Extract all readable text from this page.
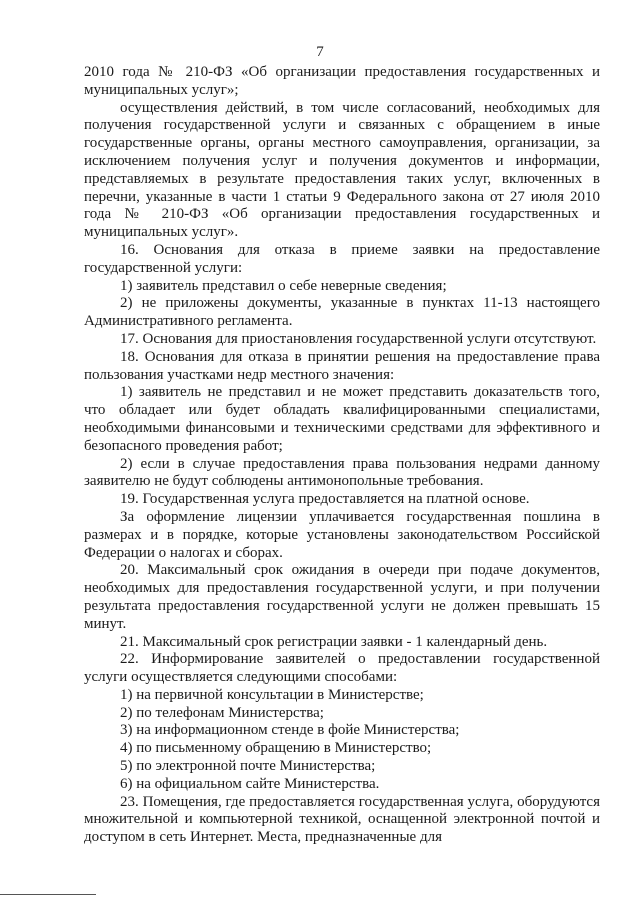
7

2010 года № 210-ФЗ «Об организации предоставления государственных и муниципальных услуг»;

осуществления действий, в том числе согласований, необходимых для получения государственной услуги и связанных с обращением в иные государственные органы, органы местного самоуправления, организации, за исключением получения услуг и получения документов и информации, представляемых в результате предоставления таких услуг, включенных в перечни, указанные в части 1 статьи 9 Федерального закона от 27 июля 2010 года № 210-ФЗ «Об организации предоставления государственных и муниципальных услуг».

16. Основания для отказа в приеме заявки на предоставление государственной услуги:

1) заявитель представил о себе неверные сведения;

2) не приложены документы, указанные в пунктах 11-13 настоящего Административного регламента.

17. Основания для приостановления государственной услуги отсутствуют.

18. Основания для отказа в принятии решения на предоставление права пользования участками недр местного значения:

1) заявитель не представил и не может представить доказательств того, что обладает или будет обладать квалифицированными специалистами, необходимыми финансовыми и техническими средствами для эффективного и безопасного проведения работ;

2) если в случае предоставления права пользования недрами данному заявителю не будут соблюдены антимонопольные требования.

19. Государственная услуга предоставляется на платной основе.

За оформление лицензии уплачивается государственная пошлина в размерах и в порядке, которые установлены законодательством Российской Федерации о налогах и сборах.

20. Максимальный срок ожидания в очереди при подаче документов, необходимых для предоставления государственной услуги, и при получении результата предоставления государственной услуги не должен превышать 15 минут.

21. Максимальный срок регистрации заявки - 1 календарный день.

22. Информирование заявителей о предоставлении государственной услуги осуществляется следующими способами:

1) на первичной консультации в Министерстве;

2) по телефонам Министерства;

3) на информационном стенде в фойе Министерства;

4) по письменному обращению в Министерство;

5) по электронной почте Министерства;

6) на официальном сайте Министерства.

23. Помещения, где предоставляется государственная услуга, оборудуются множительной и компьютерной техникой, оснащенной электронной почтой и доступом в сеть Интернет. Места, предназначенные для
